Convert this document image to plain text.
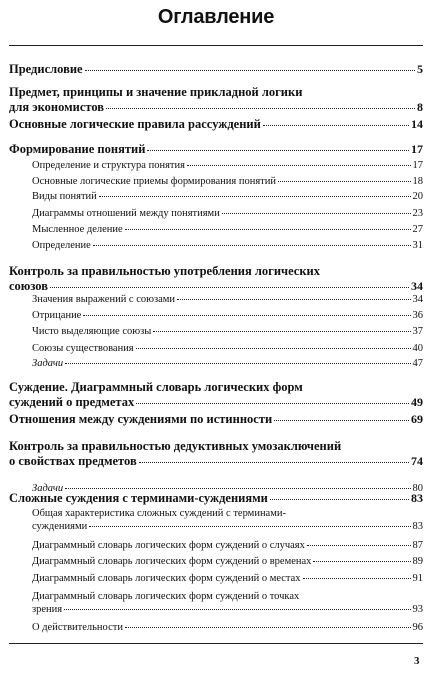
Оглавление
Предисловие	5
Предмет, принципы и значение прикладной логики
для экономистов	8
Основные логические правила рассуждений	14
Формирование понятий	17
Определение и структура понятия	17
Основные логические приемы формирования понятий	18
Виды понятий	20
Диаграммы отношений между понятиями	23
Мысленное деление	27
Определение	31
Контроль за правильностью употребления логических
союзов	34
Значения выражений с союзами	34
Отрицание	36
Чисто выделяющие союзы	37
Союзы существования	40
Задачи	47
Суждение. Диаграммный словарь логических форм
суждений о предметах	49
Отношения между суждениями по истинности	69
Контроль за правильностью дедуктивных умозаключений
о свойствах предметов	74
Задачи	80
Сложные суждения с терминами-суждениями	83
Общая характеристика сложных суждений с терминами-
суждениями	83
Диаграммный словарь логических форм суждений о случаях	87
Диаграммный словарь логических форм суждений о временах	89
Диаграммный словарь логических форм суждений о местах	91
Диаграммный словарь логических форм суждений о точках
зрения	93
О действительности	96
3
